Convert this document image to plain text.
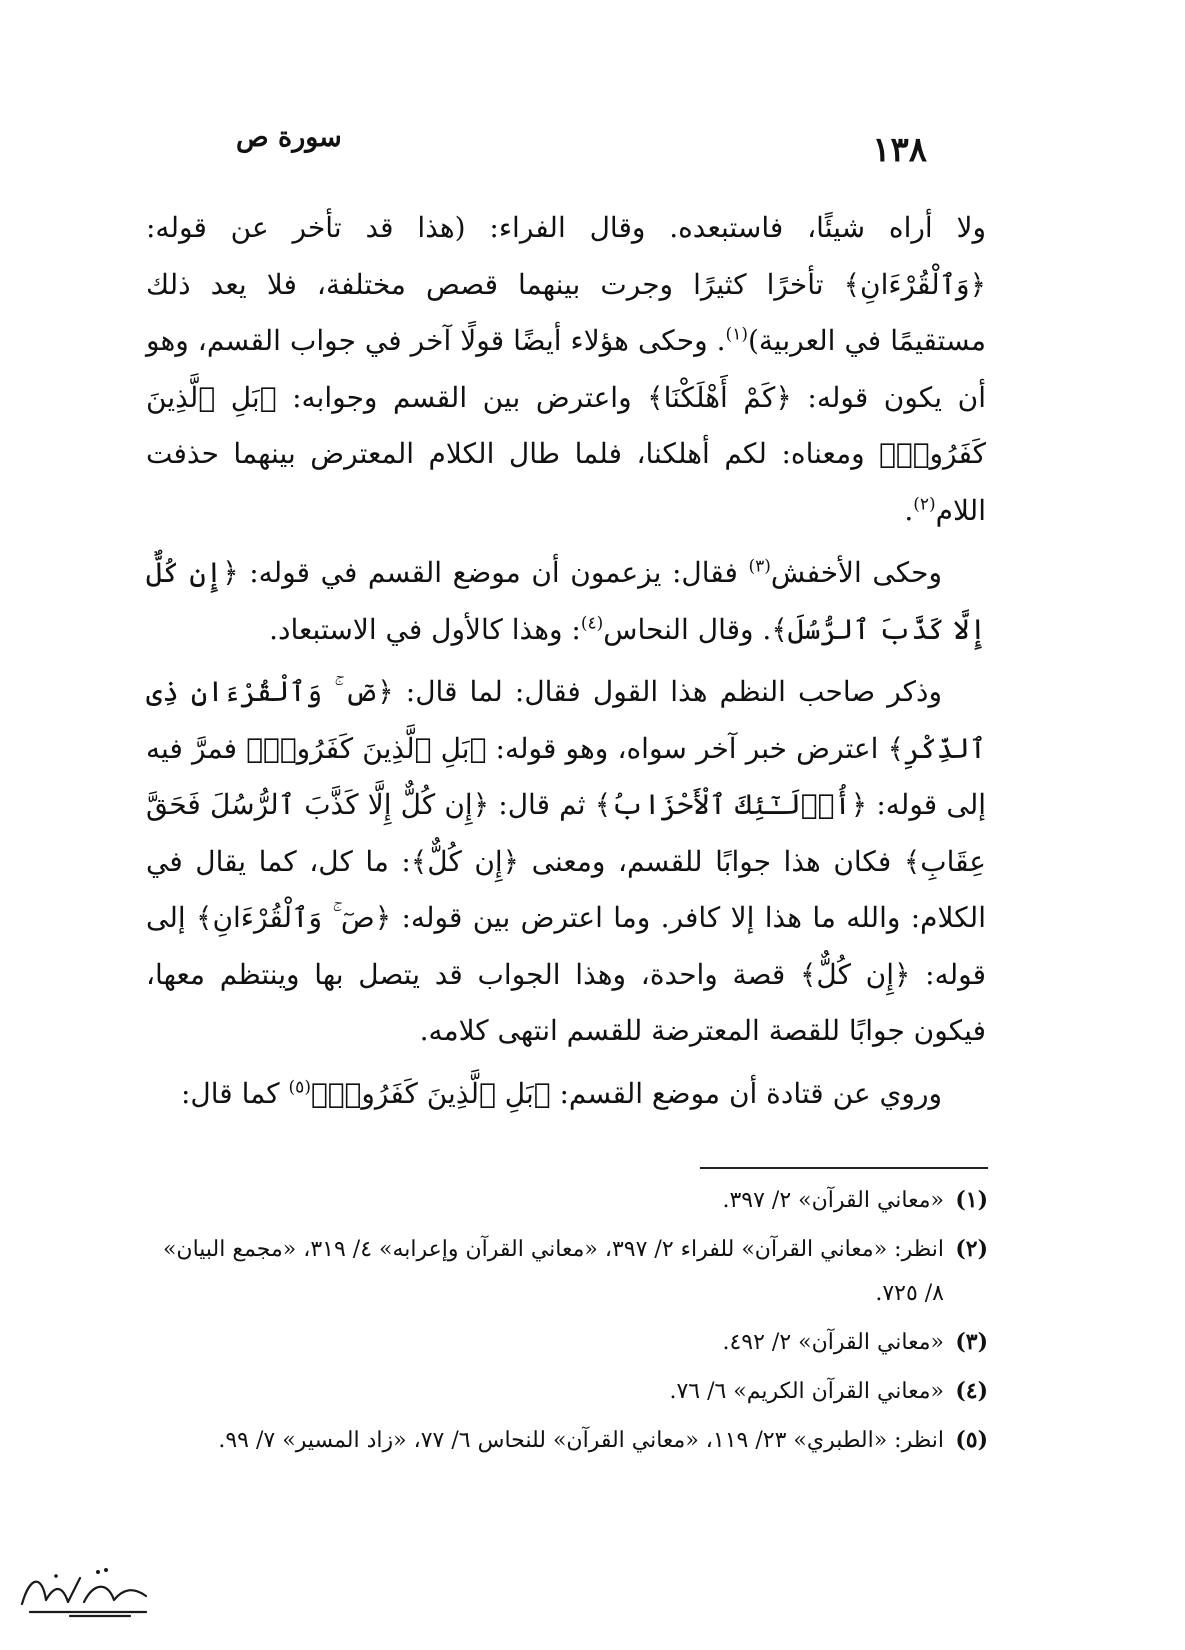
١٣٨
سورة ص

ولا أراه شيئًا، فاستبعده. وقال الفراء: (هذا قد تأخر عن قوله: ﴿وَٱلْقُرْءَانِ﴾ تأخرًا كثيرًا وجرت بينهما قصص مختلفة، فلا يعد ذلك مستقيمًا في العربية)$^{(١)}$. وحكى هؤلاء أيضًا قولًا آخر في جواب القسم، وهو أن يكون قوله: ﴿كَمْ أَهْلَكْنَا﴾ واعترض بين القسم وجوابه: ﴿بَلِ ٱلَّذِينَ كَفَرُوا۟﴾ ومعناه: لكم أهلكنا، فلما طال الكلام المعترض بينهما حذفت اللام$^{(٢)}$.

وحكى الأخفش$^{(٣)}$ فقال: يزعمون أن موضع القسم في قوله: ﴿إِن كُلٌّ إِلَّا كَذَّبَ ٱلرُّسُلَ﴾. وقال النحاس$^{(٤)}$: وهذا كالأول في الاستبعاد.

وذكر صاحب النظم هذا القول فقال: لما قال: ﴿صٓ ۚ وَٱلْقُرْءَانِ ذِى ٱلذِّكْرِ﴾ اعترض خبر آخر سواه، وهو قوله: ﴿بَلِ ٱلَّذِينَ كَفَرُوا۟﴾ فمرَّ فيه إلى قوله: ﴿أُو۟لَـٰٓئِكَ ٱلْأَحْزَابُ﴾ ثم قال: ﴿إِن كُلٌّ إِلَّا كَذَّبَ ٱلرُّسُلَ فَحَقَّ عِقَابِ﴾ فكان هذا جوابًا للقسم، ومعنى ﴿إِن كُلٌّ﴾: ما كل، كما يقال في الكلام: والله ما هذا إلا كافر. وما اعترض بين قوله: ﴿صٓ ۚ وَٱلْقُرْءَانِ﴾ إلى قوله: ﴿إِن كُلٌّ﴾ قصة واحدة، وهذا الجواب قد يتصل بها وينتظم معها، فيكون جوابًا للقصة المعترضة للقسم انتهى كلامه.

وروي عن قتادة أن موضع القسم: ﴿بَلِ ٱلَّذِينَ كَفَرُوا۟﴾$^{(٥)}$ كما قال:

(١)«معاني القرآن» ٢/ ٣٩٧.
(٢)انظر: «معاني القرآن» للفراء ٢/ ٣٩٧، «معاني القرآن وإعرابه» ٤/ ٣١٩، «مجمع البيان» ٨/ ٧٢٥.
(٣)«معاني القرآن» ٢/ ٤٩٢.
(٤)«معاني القرآن الكريم» ٦/ ٧٦.
(٥)انظر: «الطبري» ٢٣/ ١١٩، «معاني القرآن» للنحاس ٦/ ٧٧، «زاد المسير» ٧/ ٩٩.
